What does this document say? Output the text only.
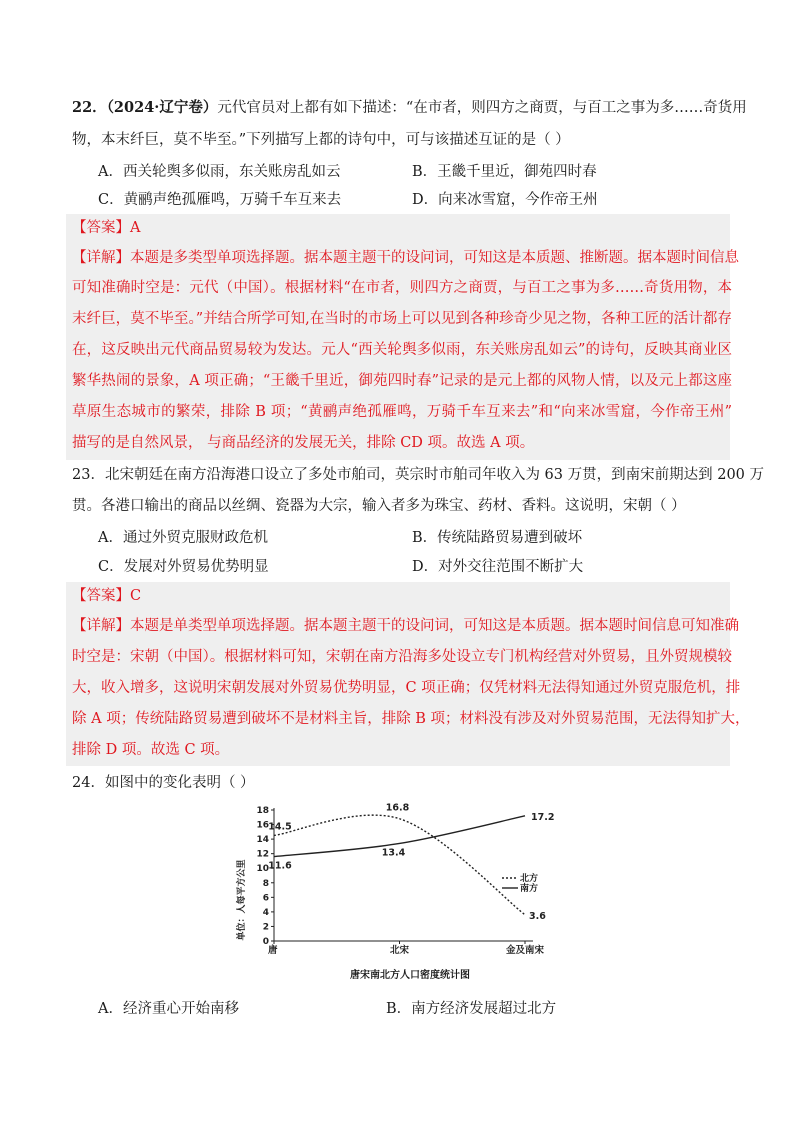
22．（2024·辽宁卷）元代官员对上都有如下描述：“在市者，则四方之商贾，与百工之事为多……奇货用
物，本末纤巨，莫不毕至。”下列描写上都的诗句中，可与该描述互证的是（ ）
A．西关轮舆多似雨，东关账房乱如云	B．王畿千里近，御苑四时春
C．黄鹂声绝孤雁鸣，万骑千车互来去	D．向来冰雪窟，今作帝王州
【答案】A
【详解】本题是多类型单项选择题。据本题主题干的设问词，可知这是本质题、推断题。据本题时间信息
可知准确时空是：元代（中国）。根据材料“在市者，则四方之商贾，与百工之事为多……奇货用物，本
末纤巨，莫不毕至。”并结合所学可知,在当时的市场上可以见到各种珍奇少见之物，各种工匠的活计都存
在，这反映出元代商品贸易较为发达。元人“西关轮舆多似雨，东关账房乱如云”的诗句，反映其商业区
繁华热闹的景象，A 项正确；“王畿千里近，御苑四时春”记录的是元上都的风物人情，以及元上都这座
草原生态城市的繁荣，排除 B 项；“黄鹂声绝孤雁鸣，万骑千车互来去”和“向来冰雪窟，今作帝王州”
描写的是自然风景， 与商品经济的发展无关，排除 CD 项。故选 A 项。
23．北宋朝廷在南方沿海港口设立了多处市舶司，英宗时市舶司年收入为 63 万贯，到南宋前期达到 200 万
贯。各港口输出的商品以丝绸、瓷器为大宗，输入者多为珠宝、药材、香料。这说明，宋朝（ ）
A．通过外贸克服财政危机	B．传统陆路贸易遭到破坏
C．发展对外贸易优势明显	D．对外交往范围不断扩大
【答案】C
【详解】本题是单类型单项选择题。据本题主题干的设问词，可知这是本质题。据本题时间信息可知准确
时空是：宋朝（中国）。根据材料可知，宋朝在南方沿海多处设立专门机构经营对外贸易，且外贸规模较
大，收入增多，这说明宋朝发展对外贸易优势明显，C 项正确；仅凭材料无法得知通过外贸克服危机，排
除 A 项；传统陆路贸易遭到破坏不是材料主旨，排除 B 项；材料没有涉及对外贸易范围，无法得知扩大，
排除 D 项。故选 C 项。
24．如图中的变化表明（ ）
单位：人每平方公里
0
2
4
6
8
10
12
14
16
18
唐	北宋	金及南宋
14.5
16.8
3.6
11.6
13.4
17.2
北方
南方
唐宋南北方人口密度统计图
A．经济重心开始南移	B．南方经济发展超过北方
